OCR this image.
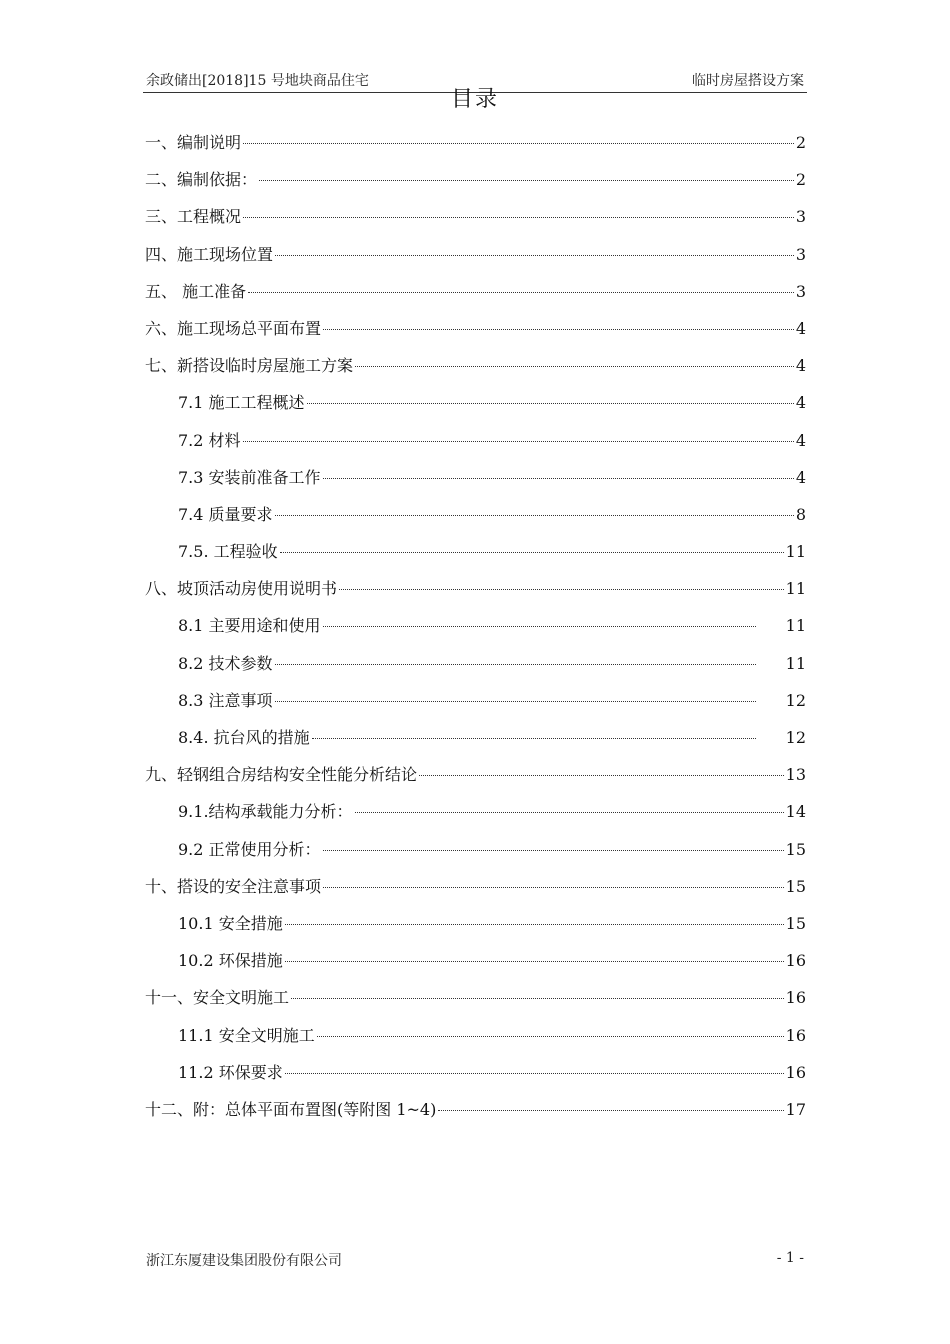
余政储出[2018]15 号地块商品住宅	临时房屋搭设方案
目录
一、编制说明	2
二、编制依据：	2
三、工程概况	3
四、施工现场位置	3
五、 施工准备	3
六、施工现场总平面布置	4
七、新搭设临时房屋施工方案	4
7.1 施工工程概述	4
7.2 材料	4
7.3 安装前准备工作	4
7.4 质量要求	8
7.5. 工程验收	11
八、坡顶活动房使用说明书	11
8.1 主要用途和使用	11
8.2 技术参数	11
8.3 注意事项	12
8.4. 抗台风的措施	12
九、轻钢组合房结构安全性能分析结论	13
9.1.结构承载能力分析：	14
9.2 正常使用分析：	15
十、搭设的安全注意事项	15
10.1 安全措施	15
10.2 环保措施	16
十一、安全文明施工	16
11.1 安全文明施工	16
11.2 环保要求	16
十二、附：总体平面布置图(等附图 1~4)	17
浙江东厦建设集团股份有限公司	- 1 -
